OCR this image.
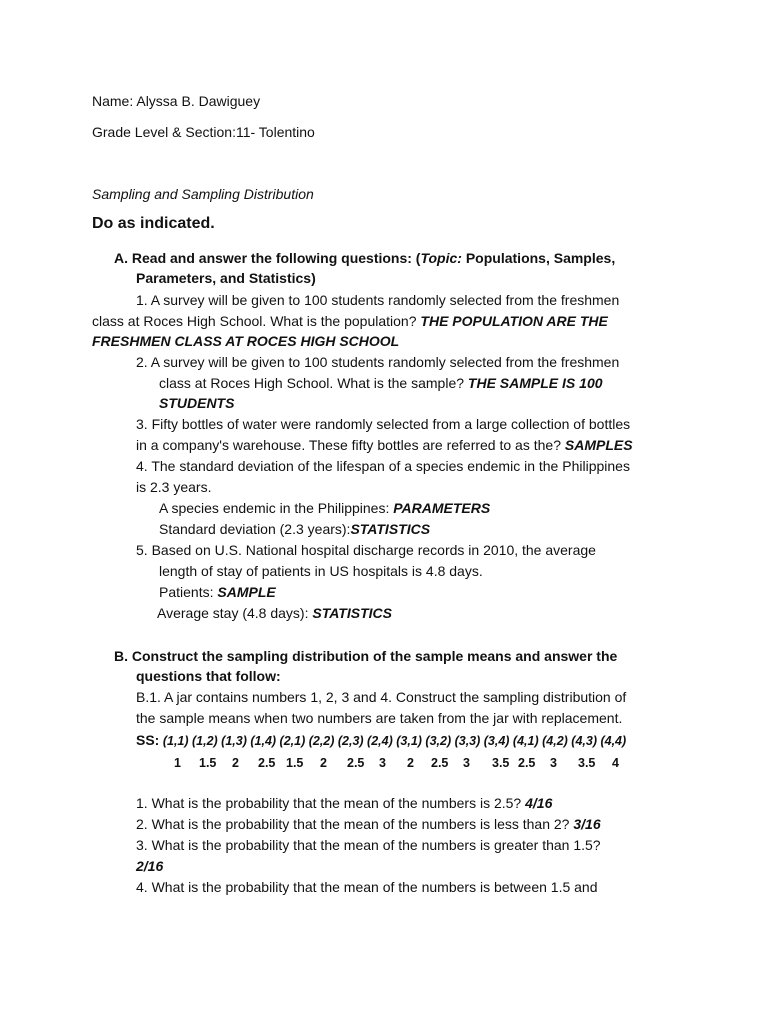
Name: Alyssa B. Dawiguey
Grade Level & Section:11- Tolentino
Sampling and Sampling Distribution
Do as indicated.
A. Read and answer the following questions: (Topic: Populations, Samples,
Parameters, and Statistics)
1. A survey will be given to 100 students randomly selected from the freshmen
class at Roces High School. What is the population? THE POPULATION ARE THE
FRESHMEN CLASS AT ROCES HIGH SCHOOL
2. A survey will be given to 100 students randomly selected from the freshmen
class at Roces High School. What is the sample? THE SAMPLE IS 100
STUDENTS
3. Fifty bottles of water were randomly selected from a large collection of bottles
in a company's warehouse. These fifty bottles are referred to as the? SAMPLES
4. The standard deviation of the lifespan of a species endemic in the Philippines
is 2.3 years.
A species endemic in the Philippines: PARAMETERS
Standard deviation (2.3 years):STATISTICS
5. Based on U.S. National hospital discharge records in 2010, the average
length of stay of patients in US hospitals is 4.8 days.
Patients: SAMPLE
Average stay (4.8 days): STATISTICS
B. Construct the sampling distribution of the sample means and answer the
questions that follow:
B.1. A jar contains numbers 1, 2, 3 and 4. Construct the sampling distribution of
the sample means when two numbers are taken from the jar with replacement.
SS: (1,1) (1,2) (1,3) (1,4) (2,1) (2,2) (2,3) (2,4) (3,1) (3,2) (3,3) (3,4) (4,1) (4,2) (4,3) (4,4)
1 1.5 2 2.5 1.5 2 2.5 3 2 2.5 3 3.5 2.5 3 3.5 4
1. What is the probability that the mean of the numbers is 2.5? 4/16
2. What is the probability that the mean of the numbers is less than 2? 3/16
3. What is the probability that the mean of the numbers is greater than 1.5?
2/16
4. What is the probability that the mean of the numbers is between 1.5 and
